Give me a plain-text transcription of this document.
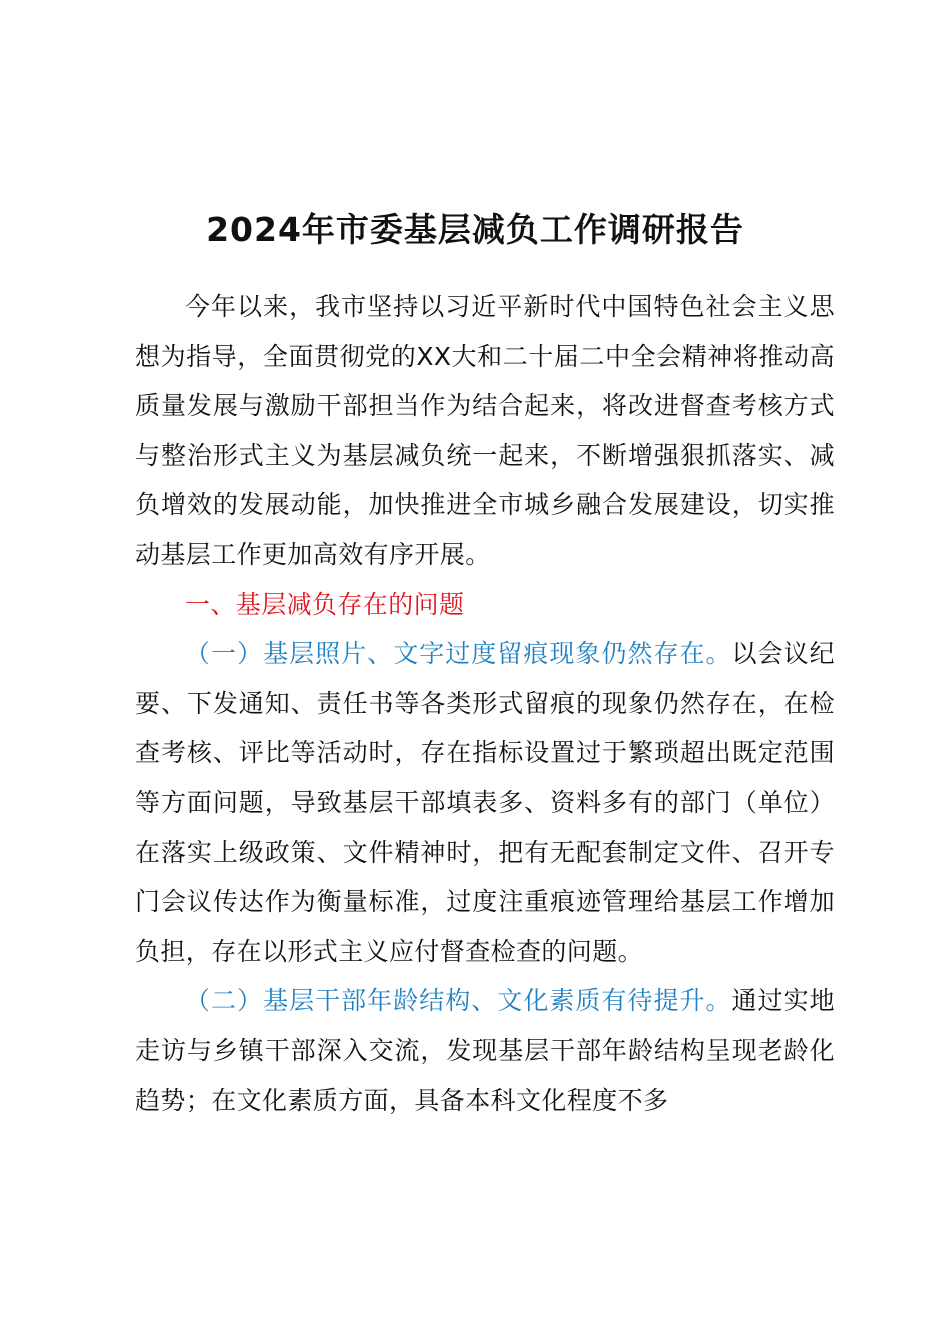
2024年市委基层减负工作调研报告

今年以来，我市坚持以习近平新时代中国特色社会主义思想为指导，全面贯彻党的XX大和二十届二中全会精神将推动高质量发展与激励干部担当作为结合起来，将改进督查考核方式与整治形式主义为基层减负统一起来，不断增强狠抓落实、减负增效的发展动能，加快推进全市城乡融合发展建设，切实推动基层工作更加高效有序开展。

一、基层减负存在的问题

（一）基层照片、文字过度留痕现象仍然存在。以会议纪要、下发通知、责任书等各类形式留痕的现象仍然存在，在检查考核、评比等活动时，存在指标设置过于繁琐超出既定范围等方面问题，导致基层干部填表多、资料多有的部门（单位）在落实上级政策、文件精神时，把有无配套制定文件、召开专门会议传达作为衡量标准，过度注重痕迹管理给基层工作增加负担，存在以形式主义应付督查检查的问题。

（二）基层干部年龄结构、文化素质有待提升。通过实地走访与乡镇干部深入交流，发现基层干部年龄结构呈现老龄化趋势；在文化素质方面，具备本科文化程度不多
